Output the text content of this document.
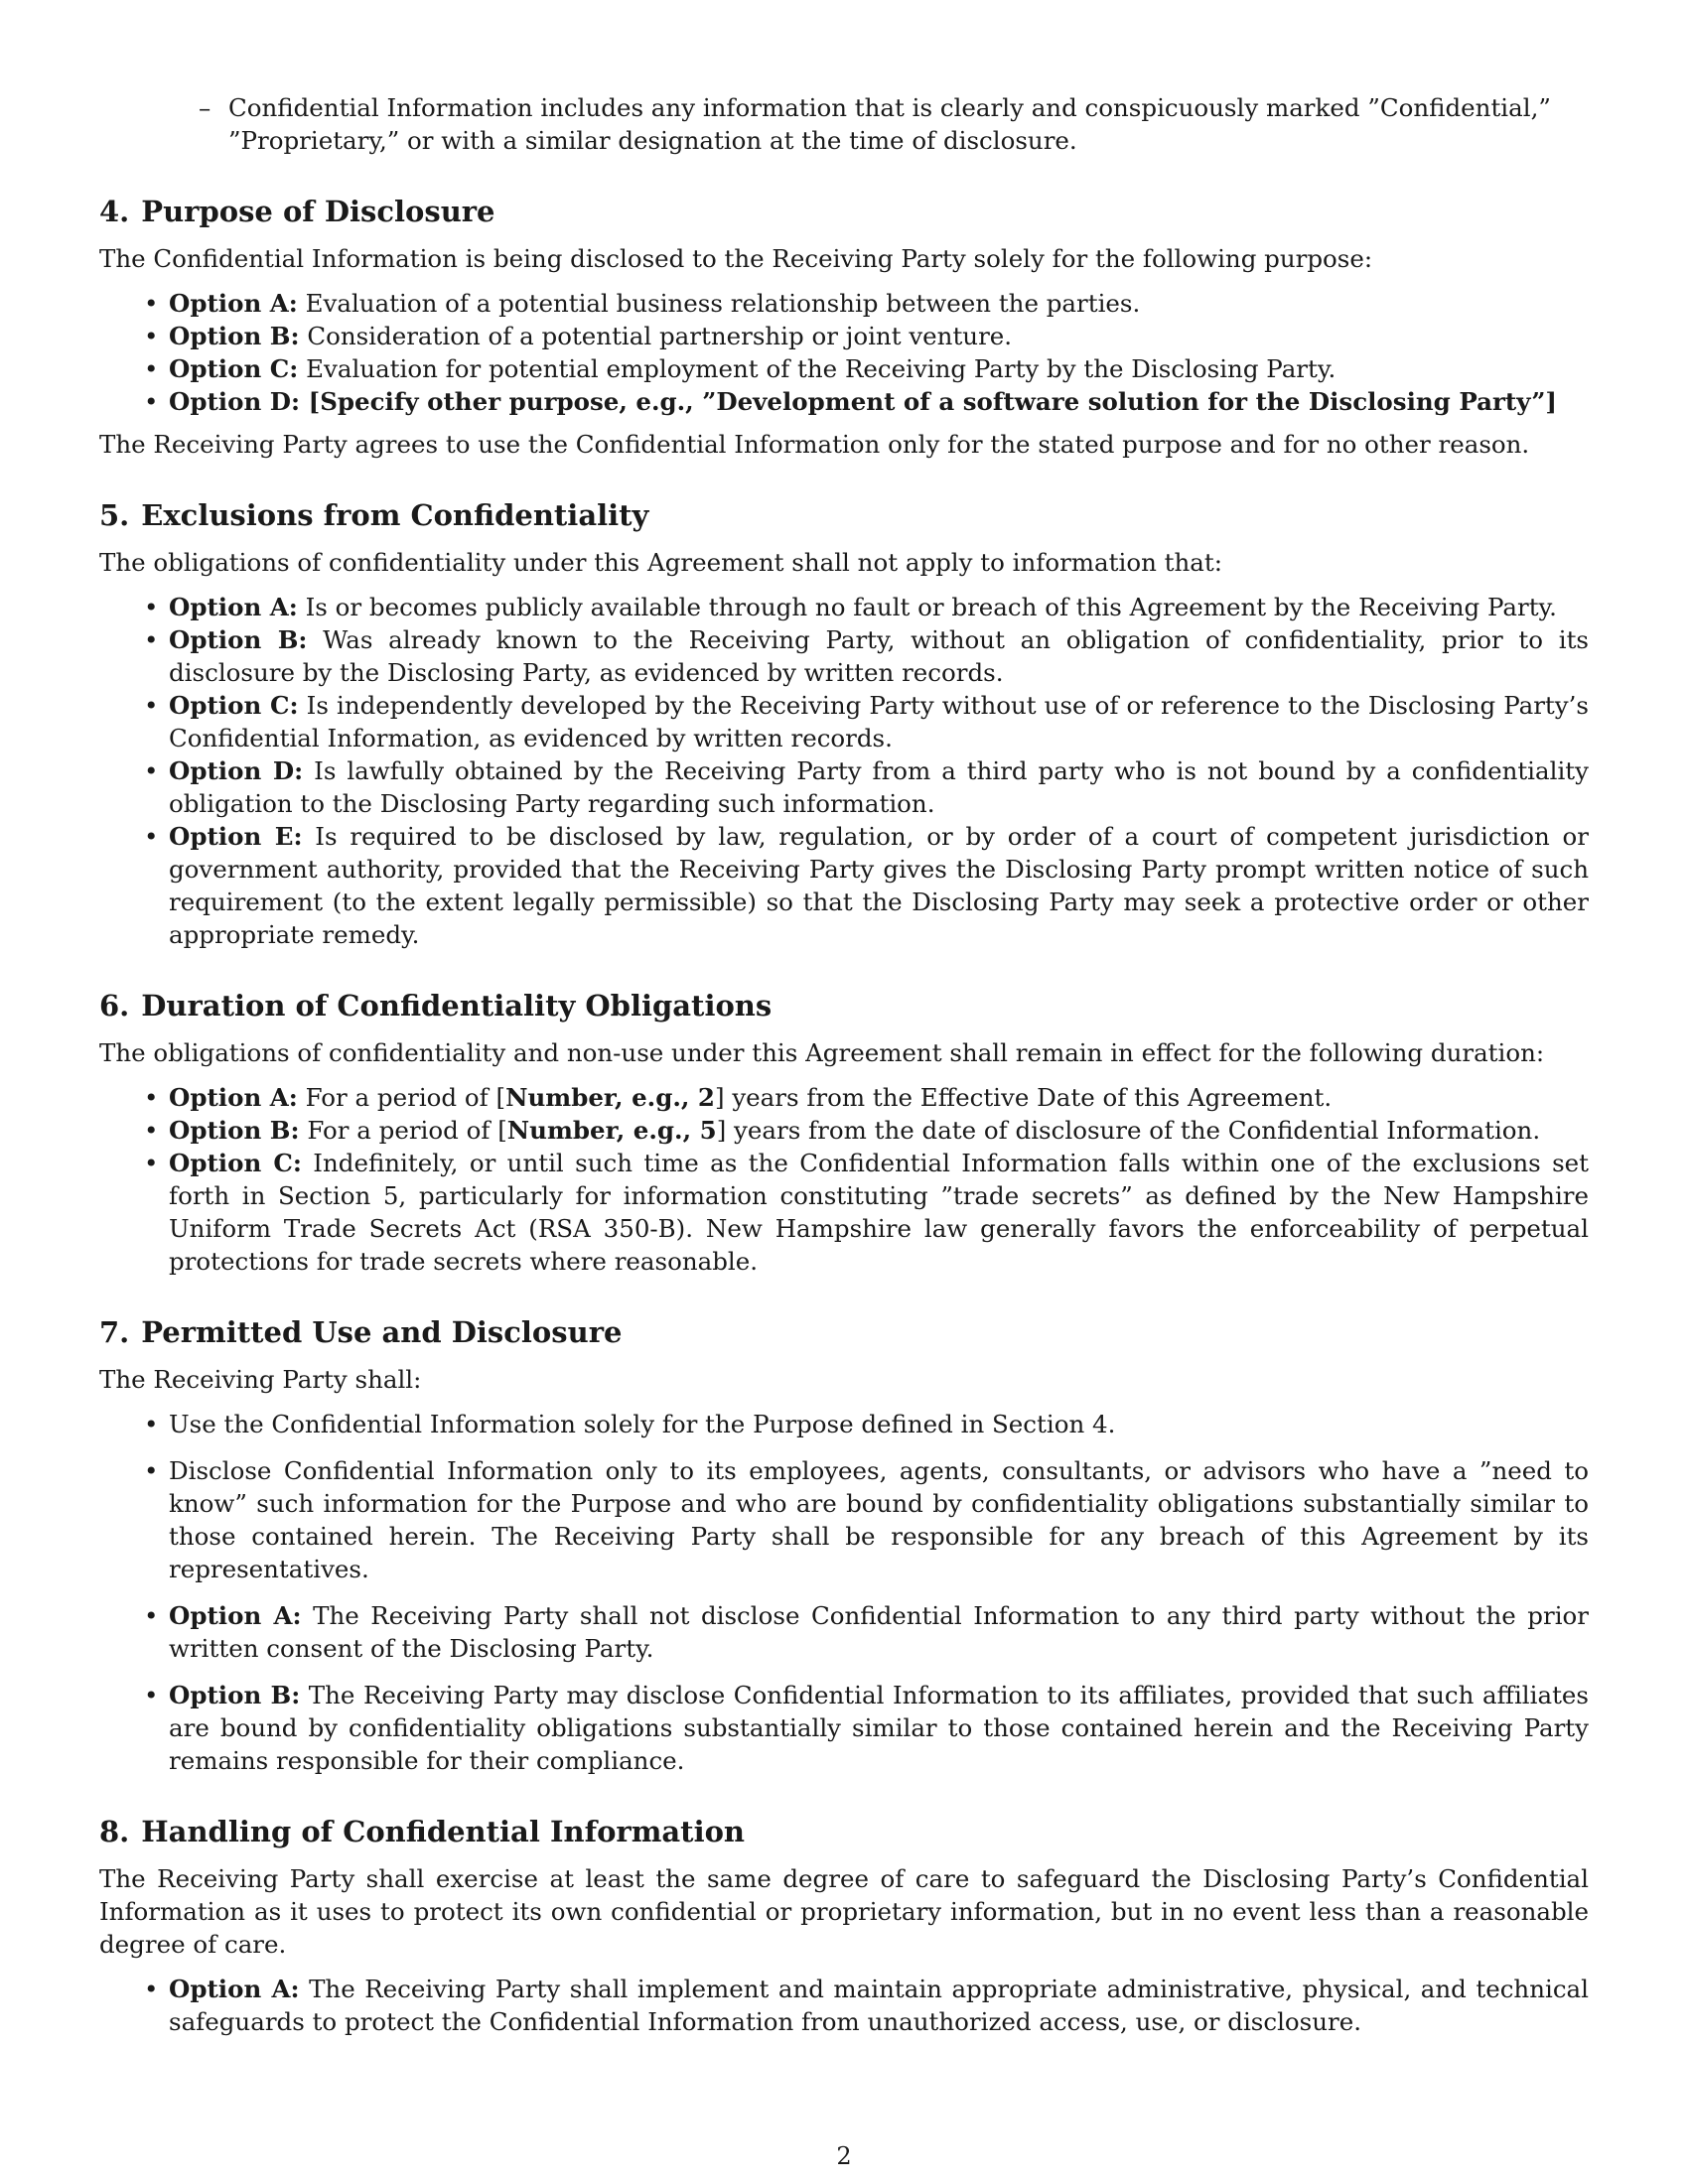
– Confidential Information includes any information that is clearly and conspicuously marked ”Confidential,” ”Proprietary,” or with a similar designation at the time of disclosure.
4. Purpose of Disclosure

The Confidential Information is being disclosed to the Receiving Party solely for the following purpose:

• Option A: Evaluation of a potential business relationship between the parties.
• Option B: Consideration of a potential partnership or joint venture.
• Option C: Evaluation for potential employment of the Receiving Party by the Disclosing Party.
• Option D: [Specify other purpose, e.g., ”Development of a software solution for the Disclosing Party”]

The Receiving Party agrees to use the Confidential Information only for the stated purpose and for no other reason.

5. Exclusions from Confidentiality

The obligations of confidentiality under this Agreement shall not apply to information that:

• Option A: Is or becomes publicly available through no fault or breach of this Agreement by the Receiving Party.
• Option B: Was already known to the Receiving Party, without an obligation of confidentiality, prior to its disclosure by the Disclosing Party, as evidenced by written records.
• Option C: Is independently developed by the Receiving Party without use of or reference to the Disclosing Party’s Confidential Information, as evidenced by written records.
• Option D: Is lawfully obtained by the Receiving Party from a third party who is not bound by a confidentiality obligation to the Disclosing Party regarding such information.
• Option E: Is required to be disclosed by law, regulation, or by order of a court of competent jurisdiction or government authority, provided that the Receiving Party gives the Disclosing Party prompt written notice of such requirement (to the extent legally permissible) so that the Disclosing Party may seek a protective order or other appropriate remedy.
6. Duration of Confidentiality Obligations

The obligations of confidentiality and non-use under this Agreement shall remain in effect for the following duration:

• Option A: For a period of [Number, e.g., 2] years from the Effective Date of this Agreement.
• Option B: For a period of [Number, e.g., 5] years from the date of disclosure of the Confidential Information.
• Option C: Indefinitely, or until such time as the Confidential Information falls within one of the exclusions set forth in Section 5, particularly for information constituting ”trade secrets” as defined by the New Hampshire Uniform Trade Secrets Act (RSA 350-B). New Hampshire law generally favors the enforceability of perpetual protections for trade secrets where reasonable.
7. Permitted Use and Disclosure

The Receiving Party shall:

• Use the Confidential Information solely for the Purpose defined in Section 4.
• Disclose Confidential Information only to its employees, agents, consultants, or advisors who have a ”need to know” such information for the Purpose and who are bound by confidentiality obligations substantially similar to those contained herein. The Receiving Party shall be responsible for any breach of this Agreement by its representatives.
• Option A: The Receiving Party shall not disclose Confidential Information to any third party without the prior written consent of the Disclosing Party.
• Option B: The Receiving Party may disclose Confidential Information to its affiliates, provided that such affiliates are bound by confidentiality obligations substantially similar to those contained herein and the Receiving Party remains responsible for their compliance.
8. Handling of Confidential Information

The Receiving Party shall exercise at least the same degree of care to safeguard the Disclosing Party’s Confidential Information as it uses to protect its own confidential or proprietary information, but in no event less than a reasonable degree of care.

• Option A: The Receiving Party shall implement and maintain appropriate administrative, physical, and technical safeguards to protect the Confidential Information from unauthorized access, use, or disclosure.
2
